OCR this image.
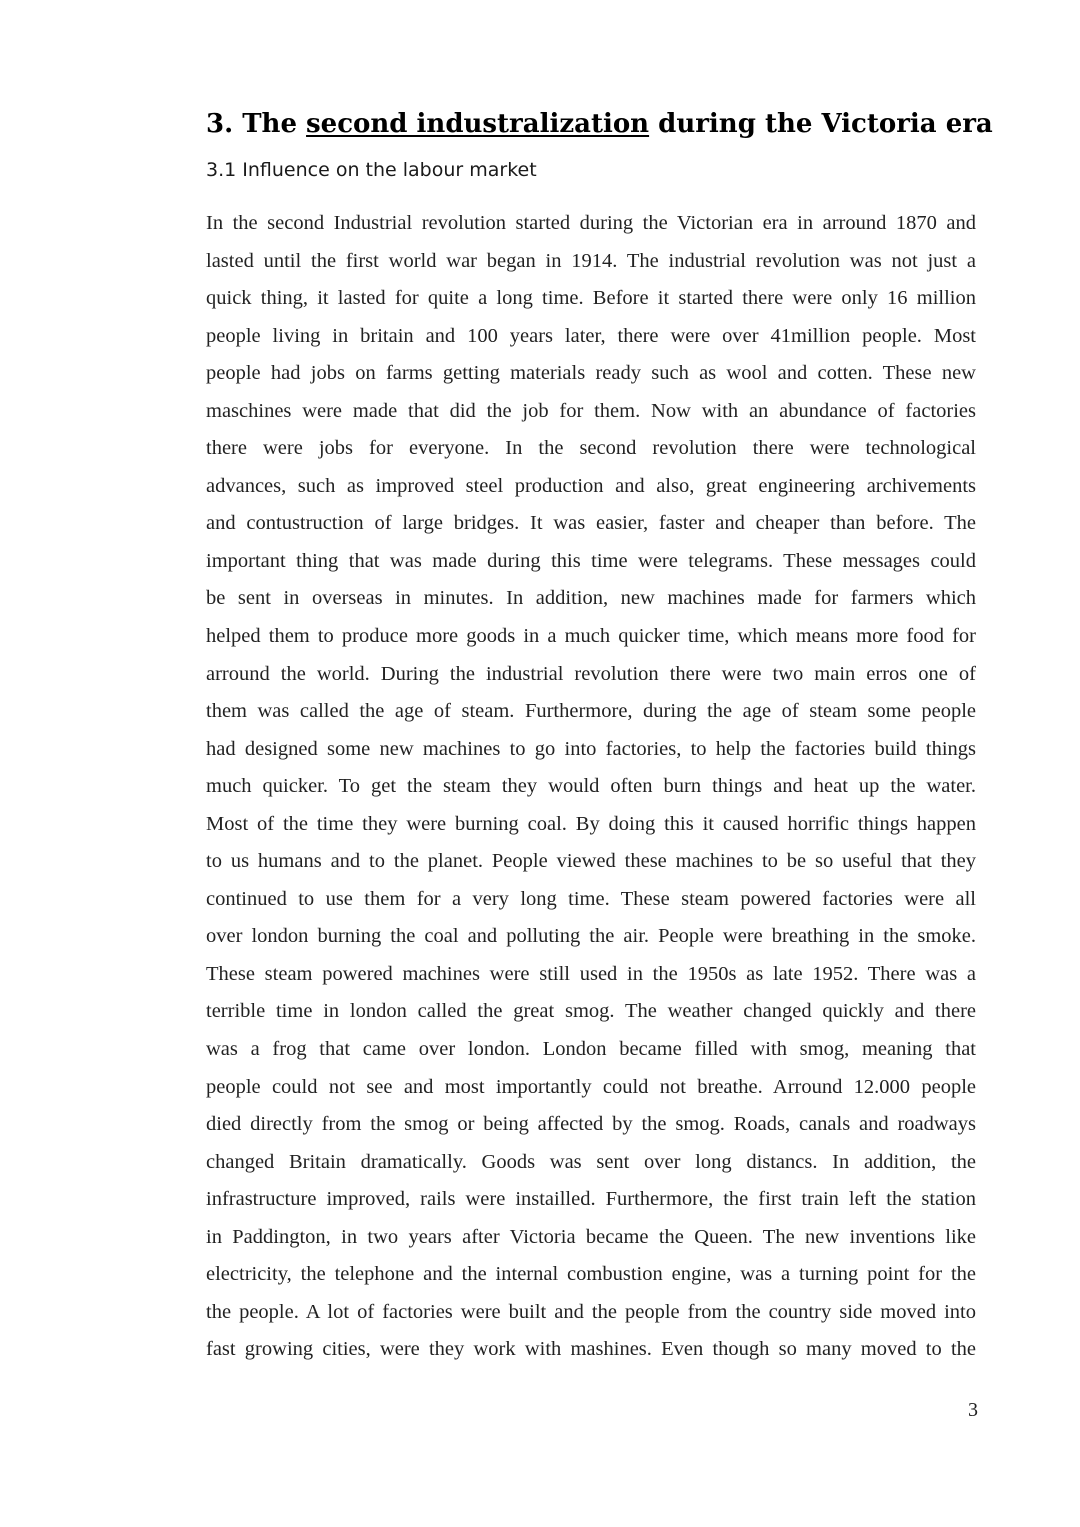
3. The second industralization during the Victoria era
3.1 Influence on the labour market
In the second Industrial revolution started during the Victorian era in arround 1870 and
lasted until the first world war began in 1914. The industrial revolution was not just a
quick thing, it lasted for quite a long time. Before it started there were only 16 million
people living in britain and 100 years later, there were over 41million people. Most
people had jobs on farms getting materials ready such as wool and cotten. These new
maschines were made that did the job for them. Now with an abundance of factories
there were jobs for everyone. In the second revolution there were technological
advances, such as improved steel production and also, great engineering archivements
and contustruction of large bridges. It was easier, faster and cheaper than before. The
important thing that was made during this time were telegrams. These messages could
be sent in overseas in minutes. In addition, new machines made for farmers which
helped them to produce more goods in a much quicker time, which means more food for
arround the world. During the industrial revolution there were two main erros one of
them was called the age of steam. Furthermore, during the age of steam some people
had designed some new machines to go into factories, to help the factories build things
much quicker. To get the steam they would often burn things and heat up the water.
Most of the time they were burning coal. By doing this it caused horrific things happen
to us humans and to the planet. People viewed these machines to be so useful that they
continued to use them for a very long time. These steam powered factories were all
over london burning the coal and polluting the air. People were breathing in the smoke.
These steam powered machines were still used in the 1950s as late 1952. There was a
terrible time in london called the great smog. The weather changed quickly and there
was a frog that came over london. London became filled with smog, meaning that
people could not see and most importantly could not breathe. Arround 12.000 people
died directly from the smog or being affected by the smog. Roads, canals and roadways
changed Britain dramatically. Goods was sent over long distancs. In addition, the
infrastructure improved, rails were instailled. Furthermore, the first train left the station
in Paddington, in two years after Victoria became the Queen. The new inventions like
electricity, the telephone and the internal combustion engine, was a turning point for the
the people. A lot of factories were built and the people from the country side moved into
fast growing cities, were they work with mashines. Even though so many moved to the
3
